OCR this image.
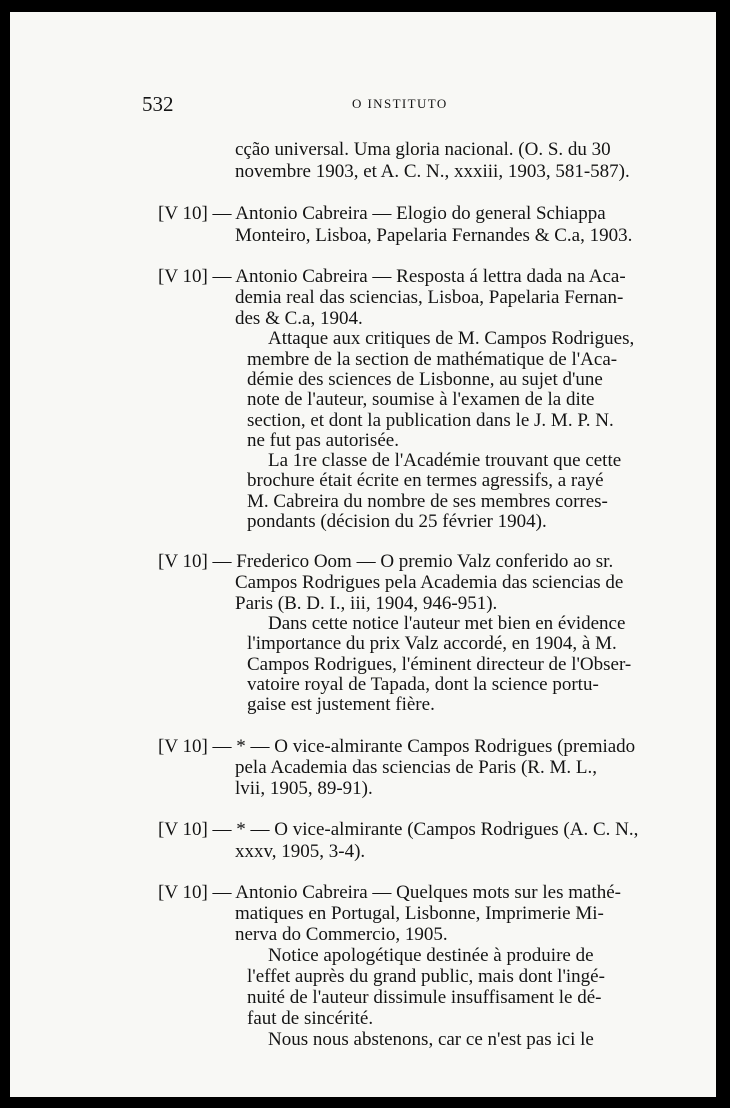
532	O INSTITUTO
cção universal. Uma gloria nacional. (O. S. du 30
novembre 1903, et A. C. N., xxxiii, 1903, 581-587).
[V 10] — Antonio Cabreira — Elogio do general Schiappa
Monteiro, Lisboa, Papelaria Fernandes & C.a, 1903.
[V 10] — Antonio Cabreira — Resposta á lettra dada na Aca-
demia real das sciencias, Lisboa, Papelaria Fernan-
des & C.a, 1904.
Attaque aux critiques de M. Campos Rodrigues,
membre de la section de mathématique de l'Aca-
démie des sciences de Lisbonne, au sujet d'une
note de l'auteur, soumise à l'examen de la dite
section, et dont la publication dans le J. M. P. N.
ne fut pas autorisée.
La 1re classe de l'Académie trouvant que cette
brochure était écrite en termes agressifs, a rayé
M. Cabreira du nombre de ses membres corres-
pondants (décision du 25 février 1904).
[V 10] — Frederico Oom — O premio Valz conferido ao sr.
Campos Rodrigues pela Academia das sciencias de
Paris (B. D. I., iii, 1904, 946-951).
Dans cette notice l'auteur met bien en évidence
l'importance du prix Valz accordé, en 1904, à M.
Campos Rodrigues, l'éminent directeur de l'Obser-
vatoire royal de Tapada, dont la science portu-
gaise est justement fière.
[V 10] — * — O vice-almirante Campos Rodrigues (premiado
pela Academia das sciencias de Paris (R. M. L.,
lvii, 1905, 89-91).
[V 10] — * — O vice-almirante (Campos Rodrigues (A. C. N.,
xxxv, 1905, 3-4).
[V 10] — Antonio Cabreira — Quelques mots sur les mathé-
matiques en Portugal, Lisbonne, Imprimerie Mi-
nerva do Commercio, 1905.
Notice apologétique destinée à produire de
l'effet auprès du grand public, mais dont l'ingé-
nuité de l'auteur dissimule insuffisament le dé-
faut de sincérité.
Nous nous abstenons, car ce n'est pas ici le
